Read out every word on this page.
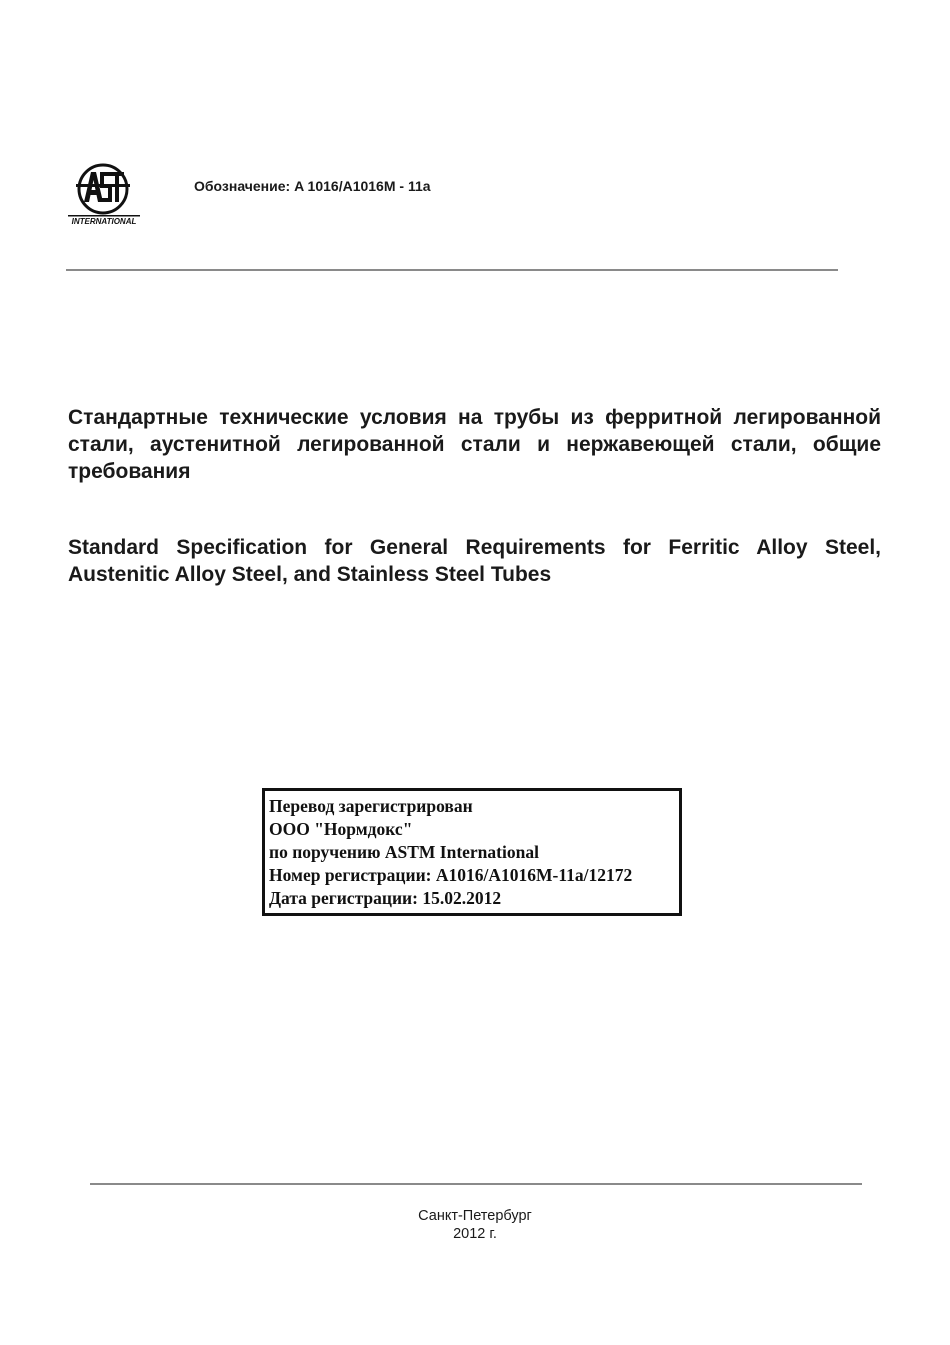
INTERNATIONAL
Обозначение: A 1016/A1016M - 11a
Стандартные технические условия на трубы из ферритной легированной стали, аустенитной легированной стали и нержавеющей стали, общие требования
Standard Specification for General Requirements for Ferritic Alloy Steel, Austenitic Alloy Steel, and Stainless Steel Tubes
Перевод зарегистрирован
ООО "Нормдокс"
по поручению ASTM International
Номер регистрации: A1016/A1016M-11a/12172
Дата регистрации: 15.02.2012
Санкт-Петербург
2012 г.
